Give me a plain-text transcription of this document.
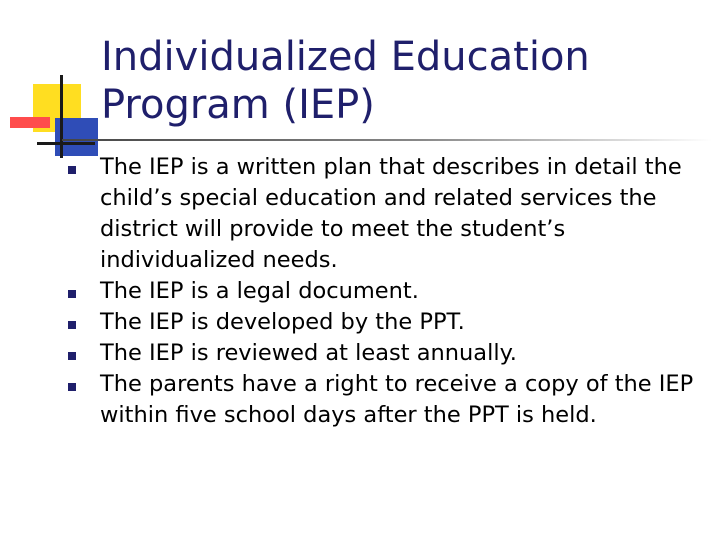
Individualized Education
Program (IEP)
The IEP is a written plan that describes in detail the child’s special education and related services the district will provide to meet the student’s individualized needs.
The IEP is a legal document.
The IEP is developed by the PPT.
The IEP is reviewed at least annually.
The parents have a right to receive a copy of the IEP within five school days after the PPT is held.
